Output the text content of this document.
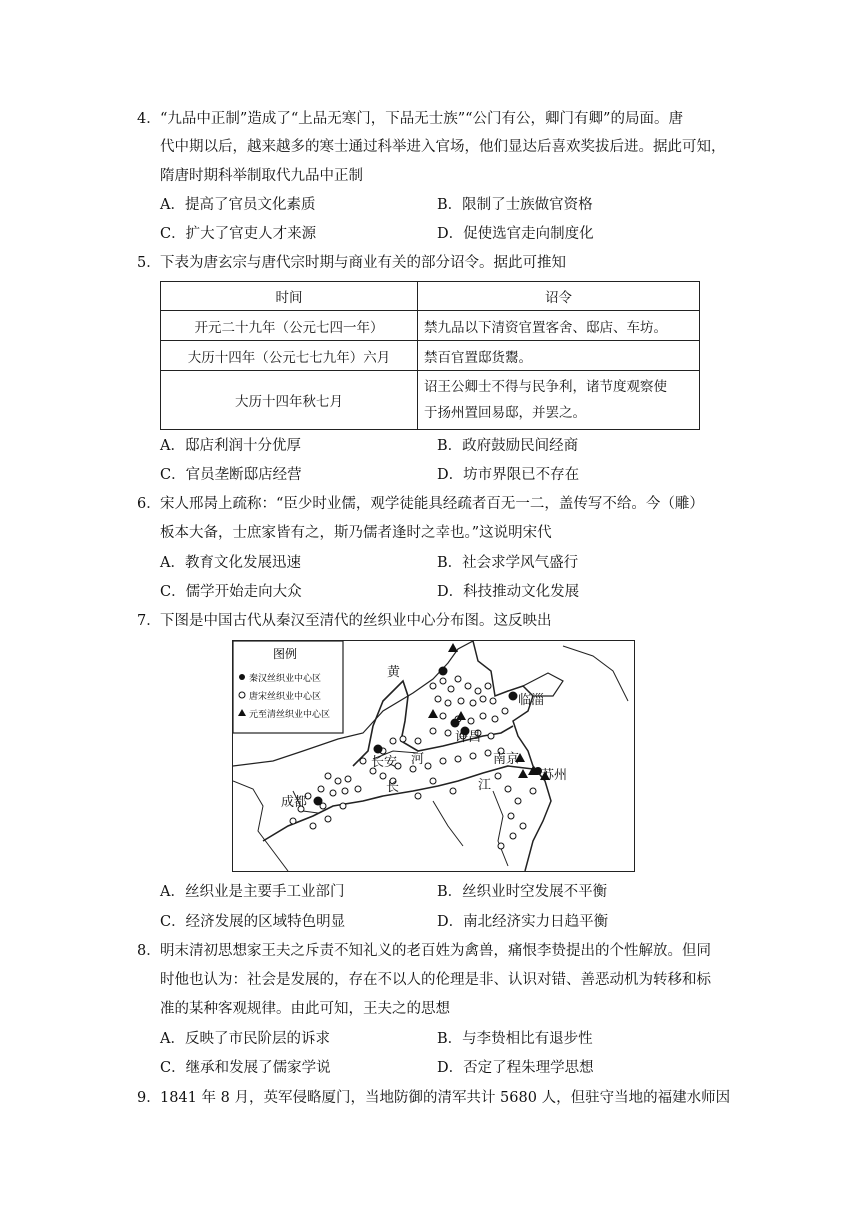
4． “九品中正制”造成了“上品无寒门，下品无士族”“公门有公，卿门有卿”的局面。唐
代中期以后，越来越多的寒士通过科举进入官场，他们显达后喜欢奖拔后进。据此可知，
隋唐时期科举制取代九品中正制
A．提高了官员文化素质	B．限制了士族做官资格
C．扩大了官吏人才来源	D．促使选官走向制度化
5． 下表为唐玄宗与唐代宗时期与商业有关的部分诏令。据此可推知
时间	诏令
开元二十九年（公元七四一年）	禁九品以下清资官置客舍、邸店、车坊。
大历十四年（公元七七九年）六月	禁百官置邸货鬻。
大历十四年秋七月	诏王公卿士不得与民争利，诸节度观察使
于扬州置回易邸，并罢之。
A．邸店利润十分优厚	B．政府鼓励民间经商
C．官员垄断邸店经营	D．坊市界限已不存在
6． 宋人邢昺上疏称：“臣少时业儒，观学徒能具经疏者百无一二，盖传写不给。今（雕）
板本大备，士庶家皆有之，斯乃儒者逢时之幸也。”这说明宋代
A．教育文化发展迅速	B．社会求学风气盛行
C．儒学开始走向大众	D．科技推动文化发展
7． 下图是中国古代从秦汉至清代的丝织业中心分布图。这反映出
图例
秦汉丝织业中心区
唐宋丝织业中心区
元至清丝织业中心区
黄
河
长	江
长安
成都
临淄
许昌
南京
苏州
A．丝织业是主要手工业部门	B．丝织业时空发展不平衡
C．经济发展的区域特色明显	D．南北经济实力日趋平衡
8． 明末清初思想家王夫之斥责不知礼义的老百姓为禽兽，痛恨李贽提出的个性解放。但同
时他也认为：社会是发展的，存在不以人的伦理是非、认识对错、善恶动机为转移和标
准的某种客观规律。由此可知，王夫之的思想
A．反映了市民阶层的诉求	B．与李贽相比有退步性
C．继承和发展了儒家学说	D．否定了程朱理学思想
9． 1841 年 8 月，英军侵略厦门，当地防御的清军共计 5680 人，但驻守当地的福建水师因
